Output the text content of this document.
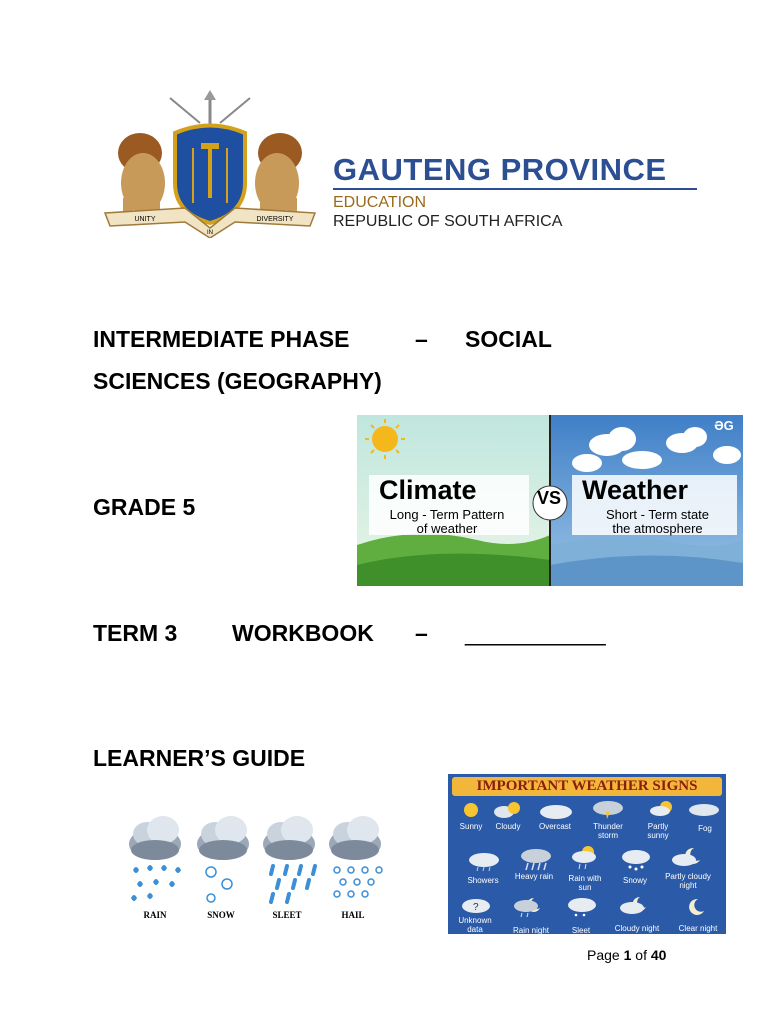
UNITY
IN
DIVERSITY
GAUTENG PROVINCE
EDUCATION
REPUBLIC OF SOUTH AFRICA
INTERMEDIATE PHASE	– SOCIAL
SCIENCES (GEOGRAPHY)
GRADE 5
TERM 3 WORKBOOK – ___________
LEARNER’S GUIDE
Climate
Long - Term Pattern
of weather
VS Weather
Short - Term state
the atmosphere
ƏG
RAIN	SNOW	SLEET	HAIL
IMPORTANT WEATHER SIGNS
Sunny	Cloudy	Overcast	Thunder storm
Partly sunny
Fog
Showers	Heavy rain	Rain with sun
Snowy	Partly cloudy night
?
Unknown data	Rain night	Sleet	Cloudy night	Clear night
Page 1 of 40
